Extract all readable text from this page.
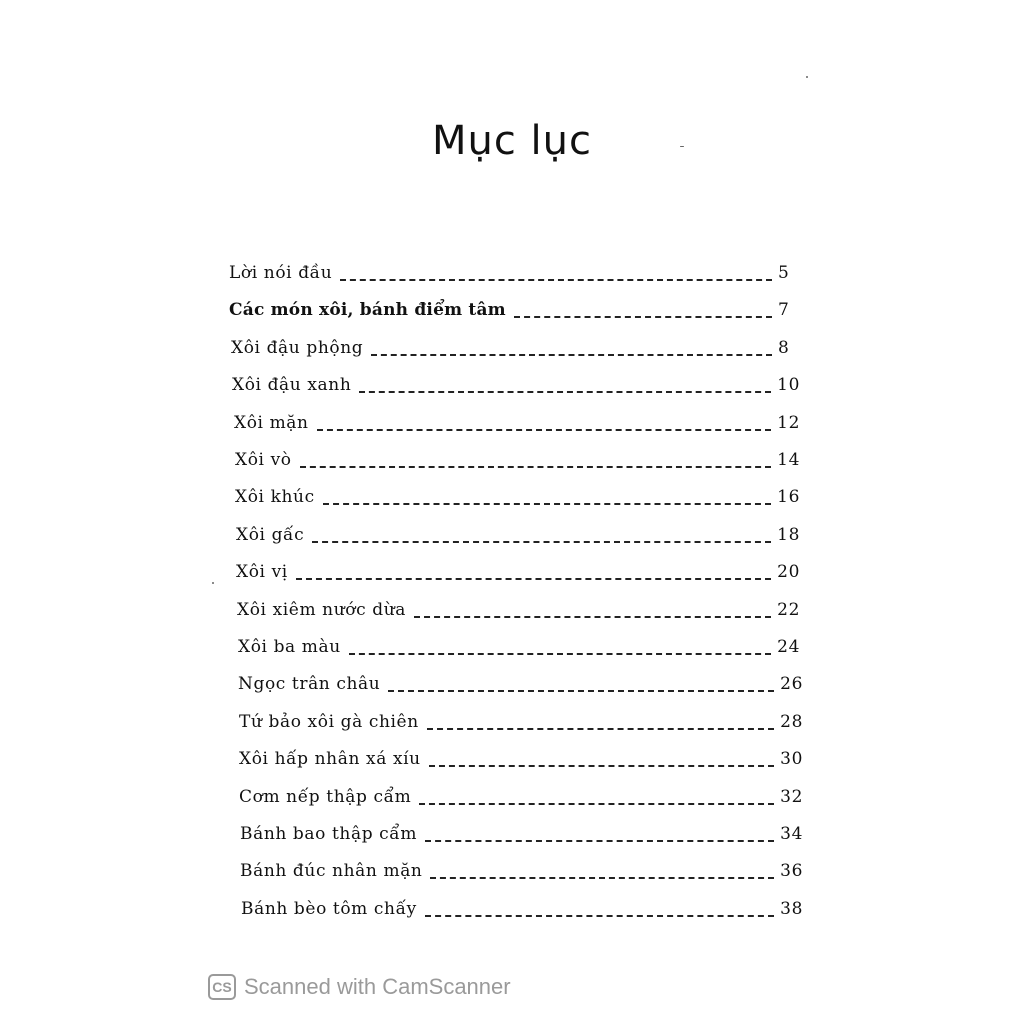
Mục lục
Lời nói đầu	5
Các món xôi, bánh điểm tâm	7
Xôi đậu phộng	8
Xôi đậu xanh	10
Xôi mặn	12
Xôi vò	14
Xôi khúc	16
Xôi gấc	18
Xôi vị	20
Xôi xiêm nước dừa	22
Xôi ba màu	24
Ngọc trân châu	26
Tứ bảo xôi gà chiên	28
Xôi hấp nhân xá xíu	30
Cơm nếp thập cẩm	32
Bánh bao thập cẩm	34
Bánh đúc nhân mặn	36
Bánh bèo tôm chấy	38
CS Scanned with CamScanner
